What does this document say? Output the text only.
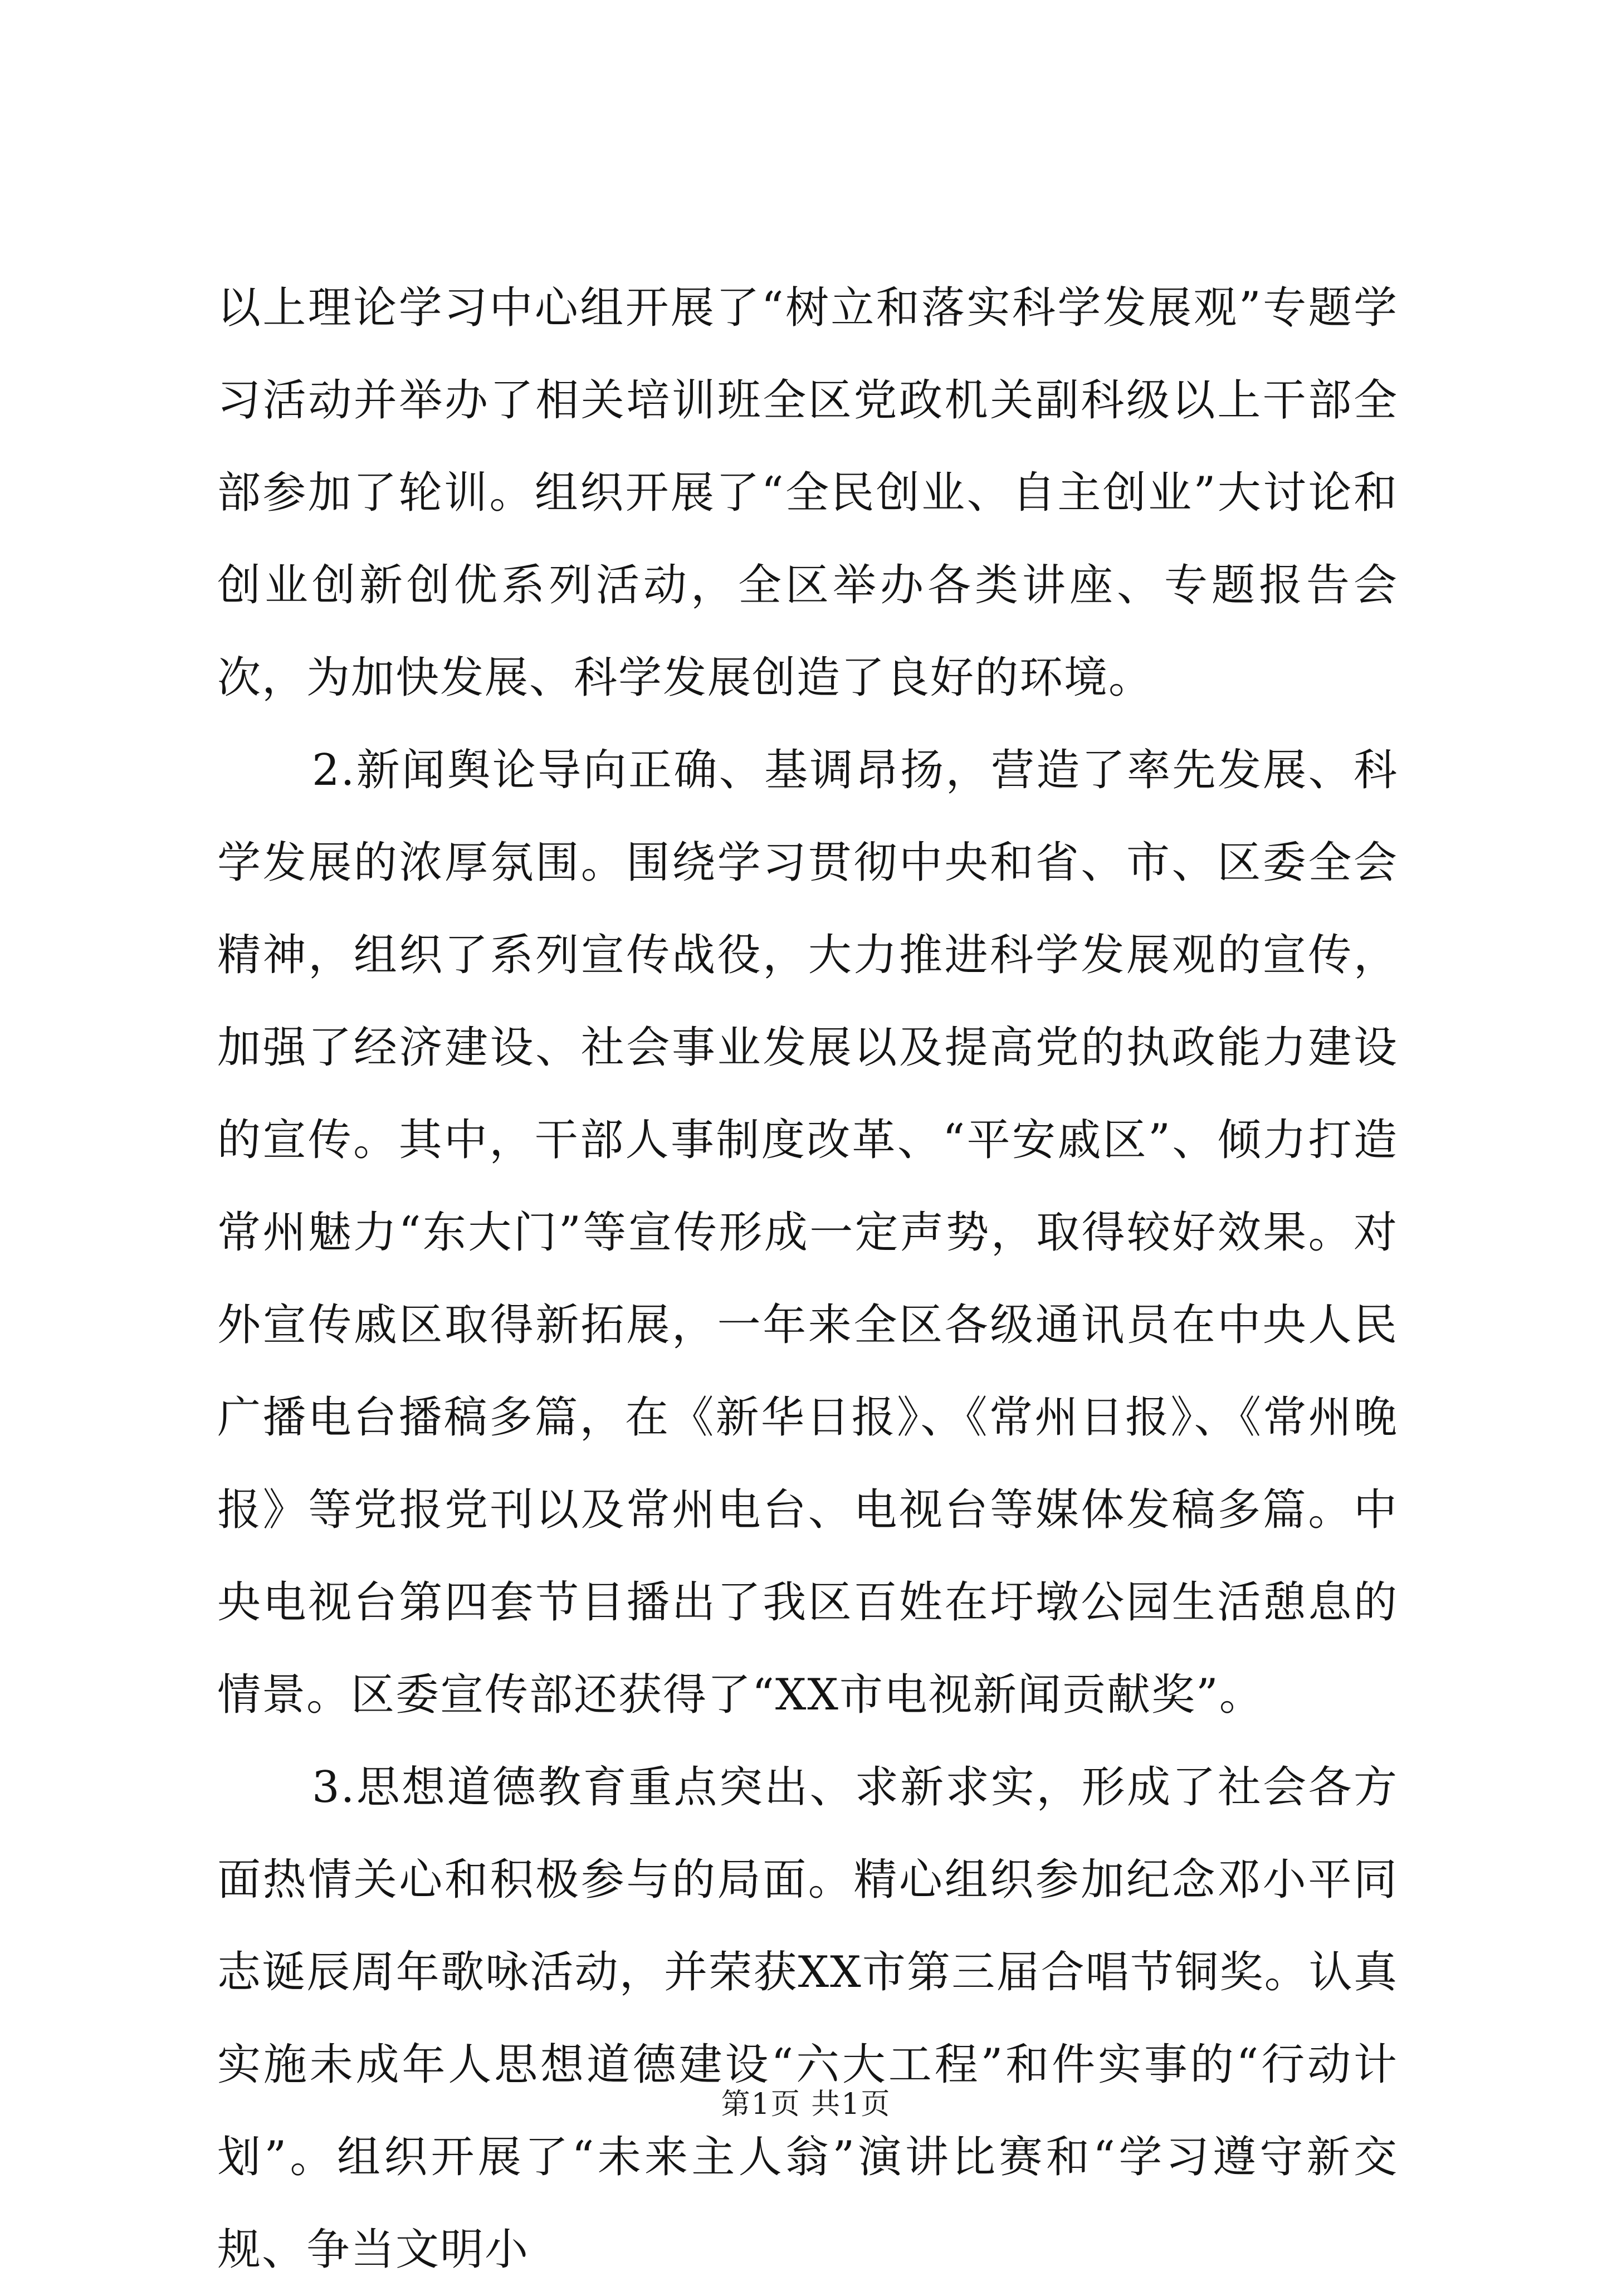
以上理论学习中心组开展了“树立和落实科学发展观”专题学习活动并举办了相关培训班全区党政机关副科级以上干部全部参加了轮训。组织开展了“全民创业、自主创业”大讨论和创业创新创优系列活动，全区举办各类讲座、专题报告会次，为加快发展、科学发展创造了良好的环境。

2.新闻舆论导向正确、基调昂扬，营造了率先发展、科学发展的浓厚氛围。围绕学习贯彻中央和省、市、区委全会精神，组织了系列宣传战役，大力推进科学发展观的宣传，加强了经济建设、社会事业发展以及提高党的执政能力建设的宣传。其中，干部人事制度改革、“平安戚区”、倾力打造常州魅力“东大门”等宣传形成一定声势，取得较好效果。对外宣传戚区取得新拓展，一年来全区各级通讯员在中央人民广播电台播稿多篇，在《新华日报》、《常州日报》、《常州晚报》等党报党刊以及常州电台、电视台等媒体发稿多篇。中央电视台第四套节目播出了我区百姓在圩墩公园生活憩息的情景。区委宣传部还获得了“XX市电视新闻贡献奖”。

3.思想道德教育重点突出、求新求实，形成了社会各方面热情关心和积极参与的局面。精心组织参加纪念邓小平同志诞辰周年歌咏活动，并荣获XX市第三届合唱节铜奖。认真实施未成年人思想道德建设“六大工程”和件实事的“行动计划”。组织开展了“未来主人翁”演讲比赛和“学习遵守新交规、争当文明小

第1页 共1页
